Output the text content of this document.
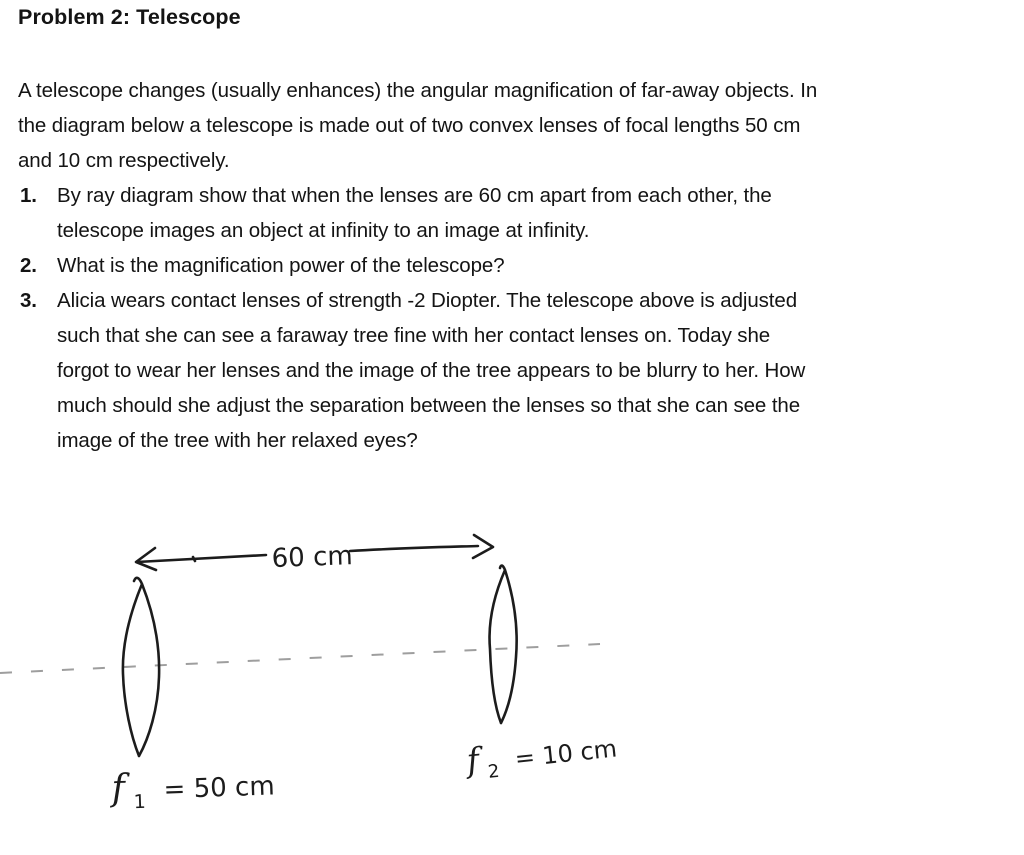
Problem 2: Telescope
A telescope changes (usually enhances) the angular magnification of far-away objects. In
the diagram below a telescope is made out of two convex lenses of focal lengths 50 cm
and 10 cm respectively.
1. By ray diagram show that when the lenses are 60 cm apart from each other, the
telescope images an object at infinity to an image at infinity.
2. What is the magnification power of the telescope?
3. Alicia wears contact lenses of strength -2 Diopter. The telescope above is adjusted
such that she can see a faraway tree fine with her contact lenses on. Today she
forgot to wear her lenses and the image of the tree appears to be blurry to her. How
much should she adjust the separation between the lenses so that she can see the
image of the tree with her relaxed eyes?
60 cm
f $_1$ = 50 cm
f $_2$ = 10 cm
